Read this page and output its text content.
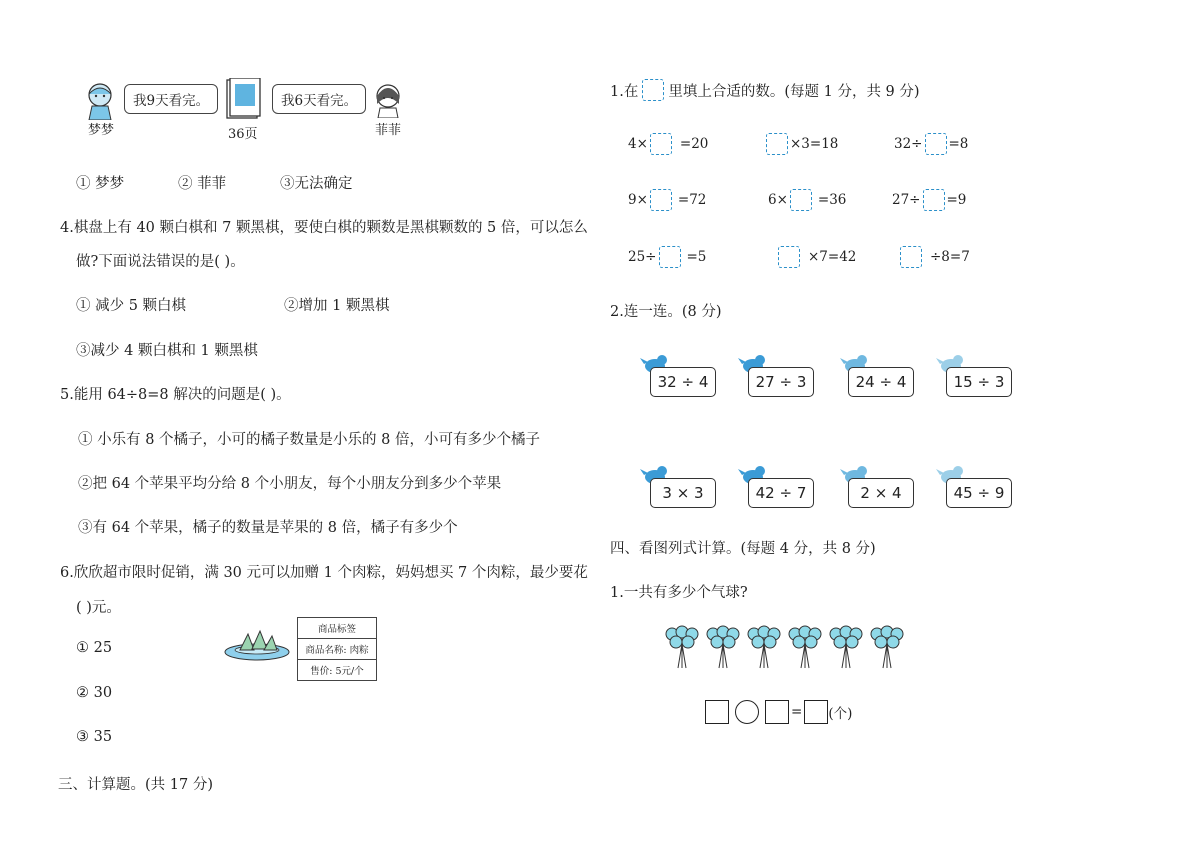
我9天看完。	我6天看完。
梦梦	36页	菲菲
① 梦梦	② 菲菲	③无法确定
4.棋盘上有 40 颗白棋和 7 颗黑棋，要使白棋的颗数是黑棋颗数的 5 倍，可以怎么
做?下面说法错误的是( )。
① 减少 5 颗白棋	②增加 1 颗黑棋
③减少 4 颗白棋和 1 颗黑棋
5.能用 64÷8=8 解决的问题是( )。
① 小乐有 8 个橘子，小可的橘子数量是小乐的 8 倍，小可有多少个橘子
②把 64 个苹果平均分给 8 个小朋友，每个小朋友分到多少个苹果
③有 64 个苹果，橘子的数量是苹果的 8 倍，橘子有多少个
6.欣欣超市限时促销，满 30 元可以加赠 1 个肉粽，妈妈想买 7 个肉粽，最少要花
( )元。
① 25
② 30
③ 35
商品标签
商品名称: 肉粽
售价: 5元/个
三、计算题。(共 17 分)
1.在 里填上合适的数。(每题 1 分，共 9 分)
4× =20	×3=18	32÷ =8
9× =72	6× =36	27÷ =9
25÷ =5	×7=42	÷8=7
2.连一连。(8 分)
32 ÷ 4	27 ÷ 3	24 ÷ 4	15 ÷ 3
3 × 3	42 ÷ 7	2 × 4	45 ÷ 9
四、看图列式计算。(每题 4 分，共 8 分)
1.一共有多少个气球?
= (个)
